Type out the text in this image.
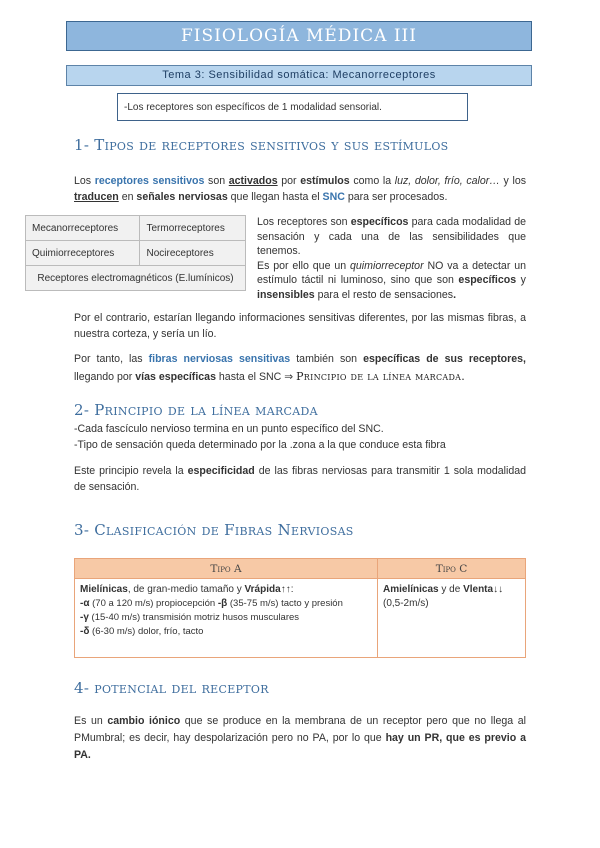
FISIOLOGÍA MÉDICA III
Tema 3: Sensibilidad somática: Mecanorreceptores
-Los receptores son específicos de 1 modalidad sensorial.
1- Tipos de receptores sensitivos y sus estímulos
Los receptores sensitivos son activados por estímulos como la luz, dolor, frío, calor… y los traducen en señales nerviosas que llegan hasta el SNC para ser procesados.
Mecanorreceptores	Termorreceptores
Quimiorreceptores	Nocireceptores
Receptores electromagnéticos (E.lumínicos)	
Los receptores son específicos para cada modalidad de sensación y cada una de las sensibilidades que tenemos.
Es por ello que un quimiorreceptor NO va a detectar un estímulo táctil ni luminoso, sino que son específicos y insensibles para el resto de sensaciones.
Por el contrario, estarían llegando informaciones sensitivas diferentes, por las mismas fibras, a nuestra corteza, y sería un lío.
Por tanto, las fibras nerviosas sensitivas también son específicas de sus receptores, llegando por vías específicas hasta el SNC ⇒ Principio de la línea marcada.
2- Principio de la línea marcada
-Cada fascículo nervioso termina en un punto específico del SNC.
-Tipo de sensación queda determinado por la .zona a la que conduce esta fibra
Este principio revela la especificidad de las fibras nerviosas para transmitir 1 sola modalidad de sensación.
3- Clasificación de Fibras Nerviosas
Tipo A	Tipo C
Mielínicas, de gran-medio tamaño y Vrápida↑↑:
-α (70 a 120 m/s) propiocepción -β (35-75 m/s) tacto y presión
-γ (15-40 m/s) transmisión motriz husos musculares
-δ (6-30 m/s) dolor, frío, tacto	Amielínicas y de Vlenta↓↓
(0,5-2m/s)
4- potencial del receptor
Es un cambio iónico que se produce en la membrana de un receptor pero que no llega al PMumbral; es decir, hay despolarización pero no PA, por lo que hay un PR, que es previo a PA.
